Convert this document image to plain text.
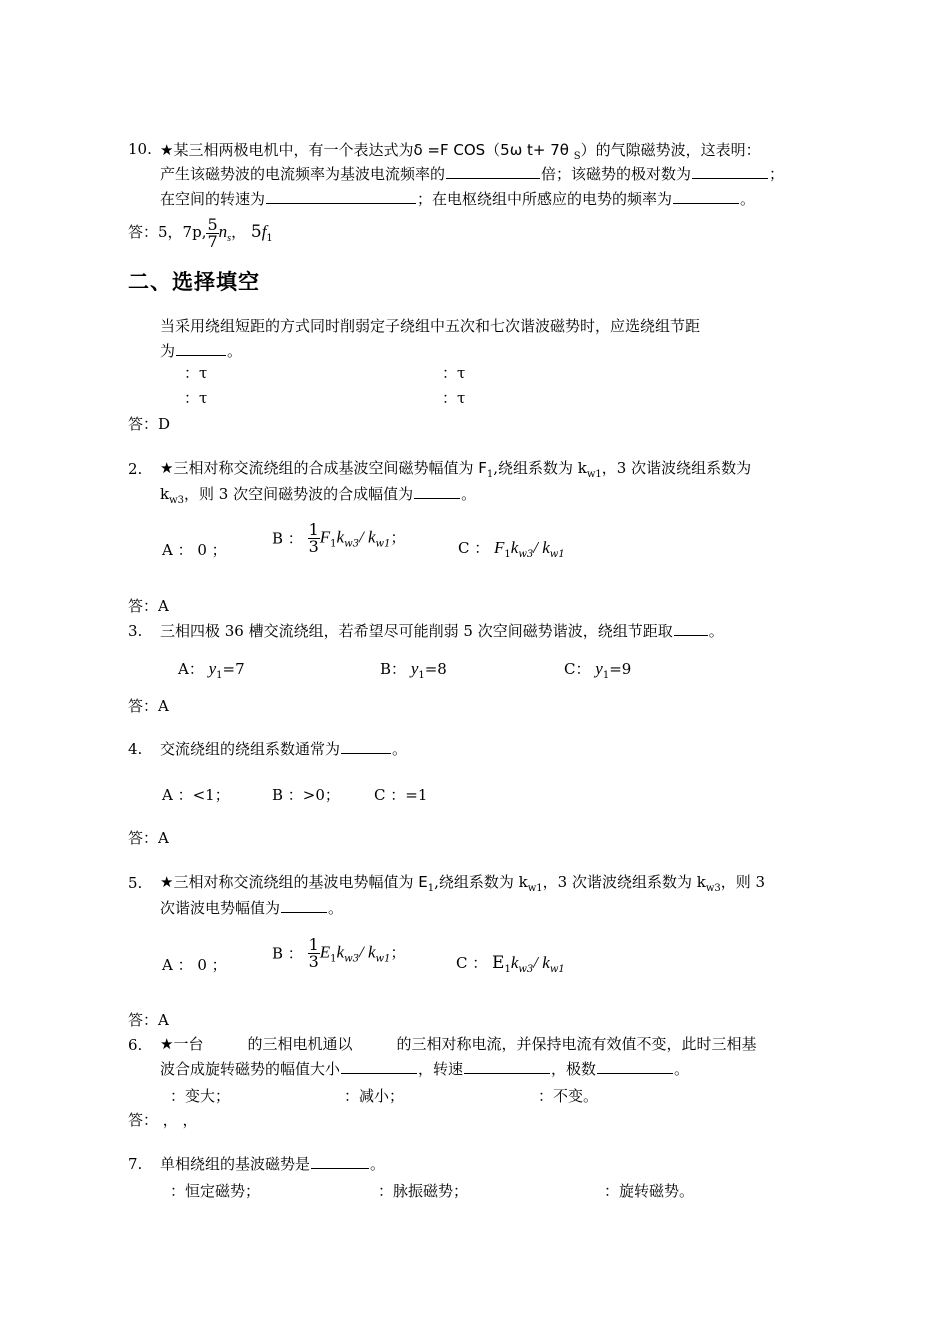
10. ★某三相两极电机中，有一个表达式为δ =F COS（5ω t+ 7θ $_S$）的气隙磁势波，这表明：
产生该磁势波的电流频率为基波电流频率的	倍；该磁势的极对数为	；
在空间的转速为	；在电枢绕组中所感应的电势的频率为	。
答：5，7p, $\frac{5}{7} n_s$， $5f_1$
二、选择填空
当采用绕组短距的方式同时削弱定子绕组中五次和七次谐波磁势时，应选绕组节距
为	。
：τ	：τ
：τ	：τ
答：D
2. ★三相对称交流绕组的合成基波空间磁势幅值为 $F_1$,绕组系数为 $k_{w1}$，3 次谐波绕组系数为
$k_{w3}$，则 3 次空间磁势波的合成幅值为	。
A ： 0 ；
B ： $\frac{1}{3} F_1k_{w3}/$ $k_{w1}$；
C ： $F_1k_{w3}/$ $k_{w1}$
答：A
3. 三相四极 36 槽交流绕组，若希望尽可能削弱 5 次空间磁势谐波，绕组节距取 。
A： $y_1=7$	B： $y_1=8$	C： $y_1=9$
答：A
4. 交流绕组的绕组系数通常为	。
A ：<1；	B ：>0； C ：=1
答：A
5. ★三相对称交流绕组的基波电势幅值为 $E_1$,绕组系数为 $k_{w1}$，3 次谐波绕组系数为 $k_{w3}$，则 3
次谐波电势幅值为	。
A ： 0 ；
B ： $\frac{1}{3} E_1k_{w3}/$ $k_{w1}$；
C ： $E_1k_{w3}/$ $k_{w1}$
答：A
6. ★一台	的三相电机通以	的三相对称电流，并保持电流有效值不变，此时三相基
波合成旋转磁势的幅值大小	，转速	，极数	。
：变大；	：减小；	：不变。
答： ， ，
7. 单相绕组的基波磁势是	。
：恒定磁势；	：脉振磁势；	：旋转磁势。
